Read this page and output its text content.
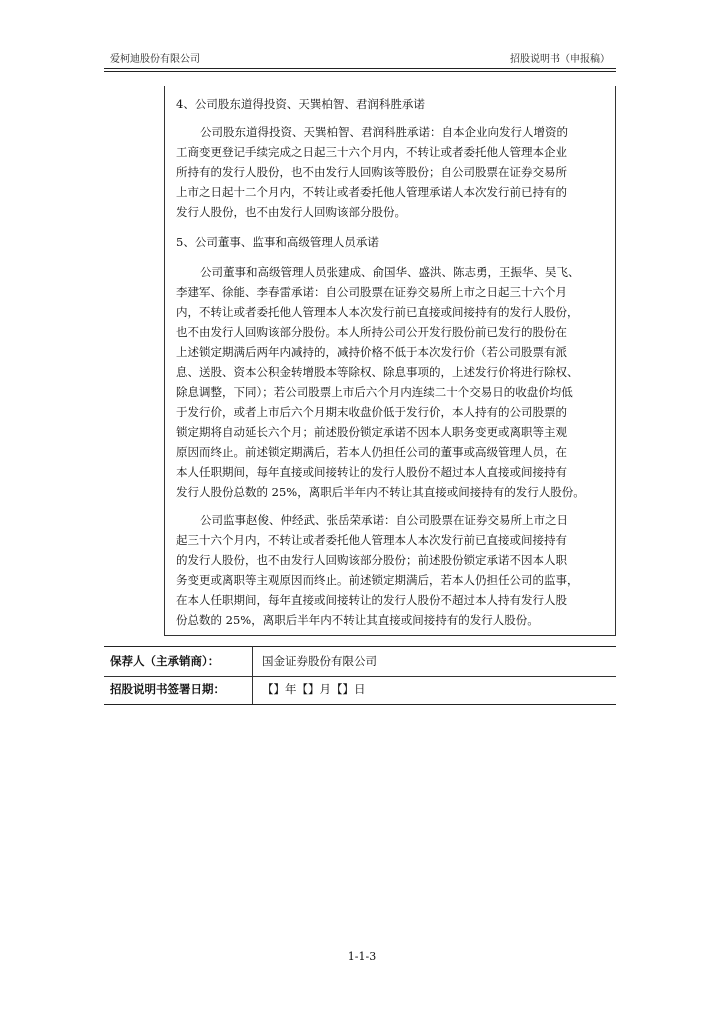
爱柯迪股份有限公司	招股说明书（申报稿）
4、公司股东道得投资、天巽柏智、君润科胜承诺
公司股东道得投资、天巽柏智、君润科胜承诺：自本企业向发行人增资的
工商变更登记手续完成之日起三十六个月内，不转让或者委托他人管理本企业
所持有的发行人股份，也不由发行人回购该等股份；自公司股票在证券交易所
上市之日起十二个月内，不转让或者委托他人管理承诺人本次发行前已持有的
发行人股份，也不由发行人回购该部分股份。
5、公司董事、监事和高级管理人员承诺
公司董事和高级管理人员张建成、俞国华、盛洪、陈志勇，王振华、吴飞、
李建军、徐能、李春雷承诺：自公司股票在证券交易所上市之日起三十六个月
内，不转让或者委托他人管理本人本次发行前已直接或间接持有的发行人股份，
也不由发行人回购该部分股份。本人所持公司公开发行股份前已发行的股份在
上述锁定期满后两年内减持的，减持价格不低于本次发行价（若公司股票有派
息、送股、资本公积金转增股本等除权、除息事项的，上述发行价将进行除权、
除息调整，下同）；若公司股票上市后六个月内连续二十个交易日的收盘价均低
于发行价，或者上市后六个月期末收盘价低于发行价，本人持有的公司股票的
锁定期将自动延长六个月；前述股份锁定承诺不因本人职务变更或离职等主观
原因而终止。前述锁定期满后，若本人仍担任公司的董事或高级管理人员，在
本人任职期间，每年直接或间接转让的发行人股份不超过本人直接或间接持有
发行人股份总数的 25%，离职后半年内不转让其直接或间接持有的发行人股份。
公司监事赵俊、仲经武、张岳荣承诺：自公司股票在证券交易所上市之日
起三十六个月内，不转让或者委托他人管理本人本次发行前已直接或间接持有
的发行人股份，也不由发行人回购该部分股份；前述股份锁定承诺不因本人职
务变更或离职等主观原因而终止。前述锁定期满后，若本人仍担任公司的监事，
在本人任职期间，每年直接或间接转让的发行人股份不超过本人持有发行人股
份总数的 25%，离职后半年内不转让其直接或间接持有的发行人股份。
保荐人（主承销商）：	国金证券股份有限公司
招股说明书签署日期：	【】年【】月【】日
1-1-3
